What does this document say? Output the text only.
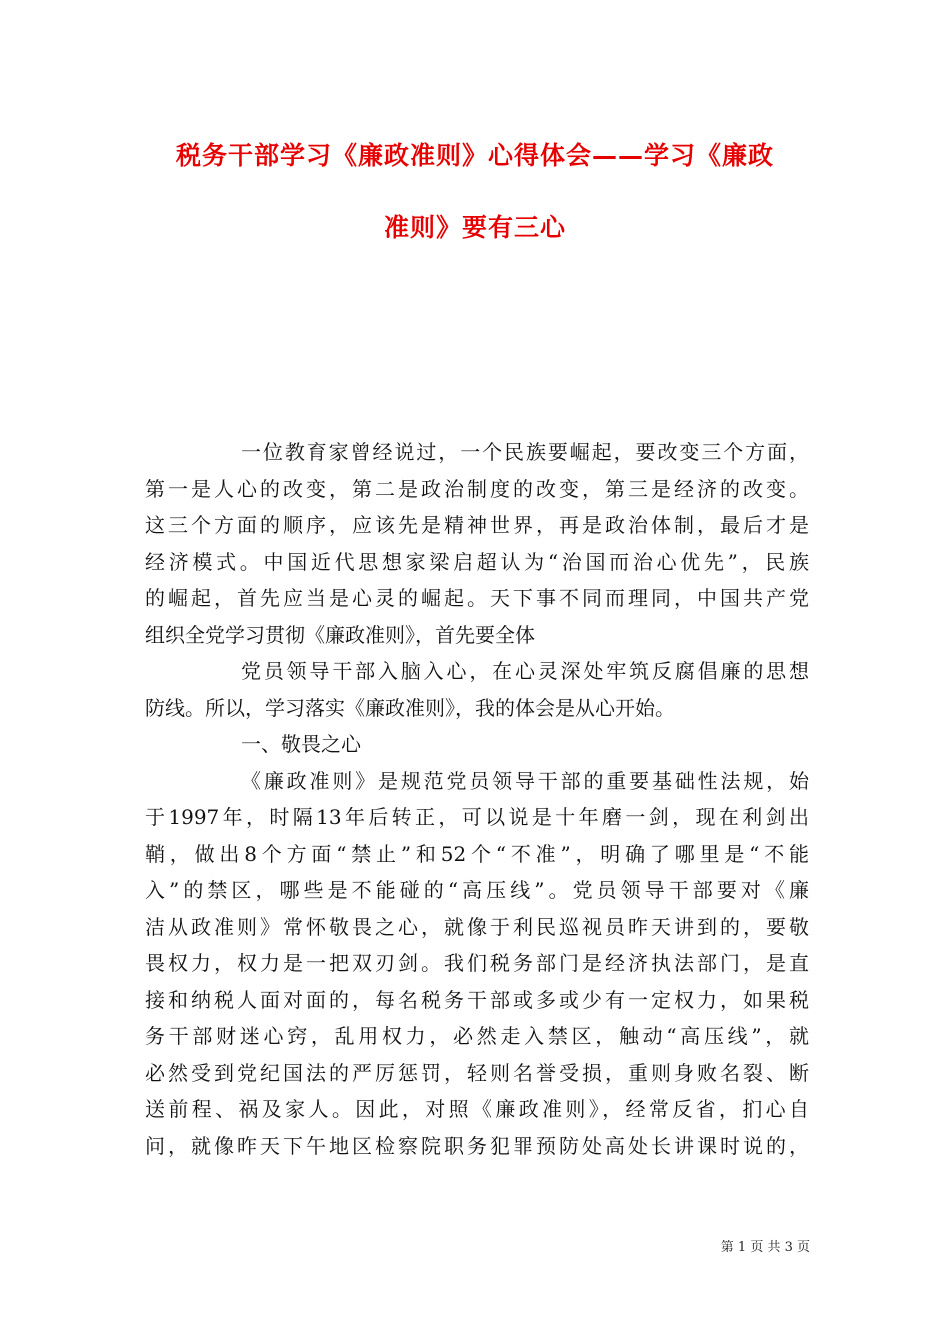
税务干部学习《廉政准则》心得体会——学习《廉政
准则》要有三心
一位教育家曾经说过，一个民族要崛起，要改变三个方面，
第一是人心的改变，第二是政治制度的改变，第三是经济的改变。
这三个方面的顺序，应该先是精神世界，再是政治体制，最后才是
经济模式。中国近代思想家梁启超认为“治国而治心优先”，民族
的崛起，首先应当是心灵的崛起。天下事不同而理同，中国共产党
组织全党学习贯彻《廉政准则》，首先要全体
党员领导干部入脑入心，在心灵深处牢筑反腐倡廉的思想
防线。所以，学习落实《廉政准则》，我的体会是从心开始。
一、敬畏之心
《廉政准则》是规范党员领导干部的重要基础性法规，始
于1997年，时隔13年后转正，可以说是十年磨一剑，现在利剑出
鞘，做出8个方面“禁止”和52个“不准”，明确了哪里是“不能
入”的禁区，哪些是不能碰的“高压线”。党员领导干部要对《廉
洁从政准则》常怀敬畏之心，就像于利民巡视员昨天讲到的，要敬
畏权力，权力是一把双刃剑。我们税务部门是经济执法部门，是直
接和纳税人面对面的，每名税务干部或多或少有一定权力，如果税
务干部财迷心窍，乱用权力，必然走入禁区，触动“高压线”，就
必然受到党纪国法的严厉惩罚，轻则名誉受损，重则身败名裂、断
送前程、祸及家人。因此，对照《廉政准则》，经常反省，扪心自
问，就像昨天下午地区检察院职务犯罪预防处高处长讲课时说的，
第 1 页 共 3 页
